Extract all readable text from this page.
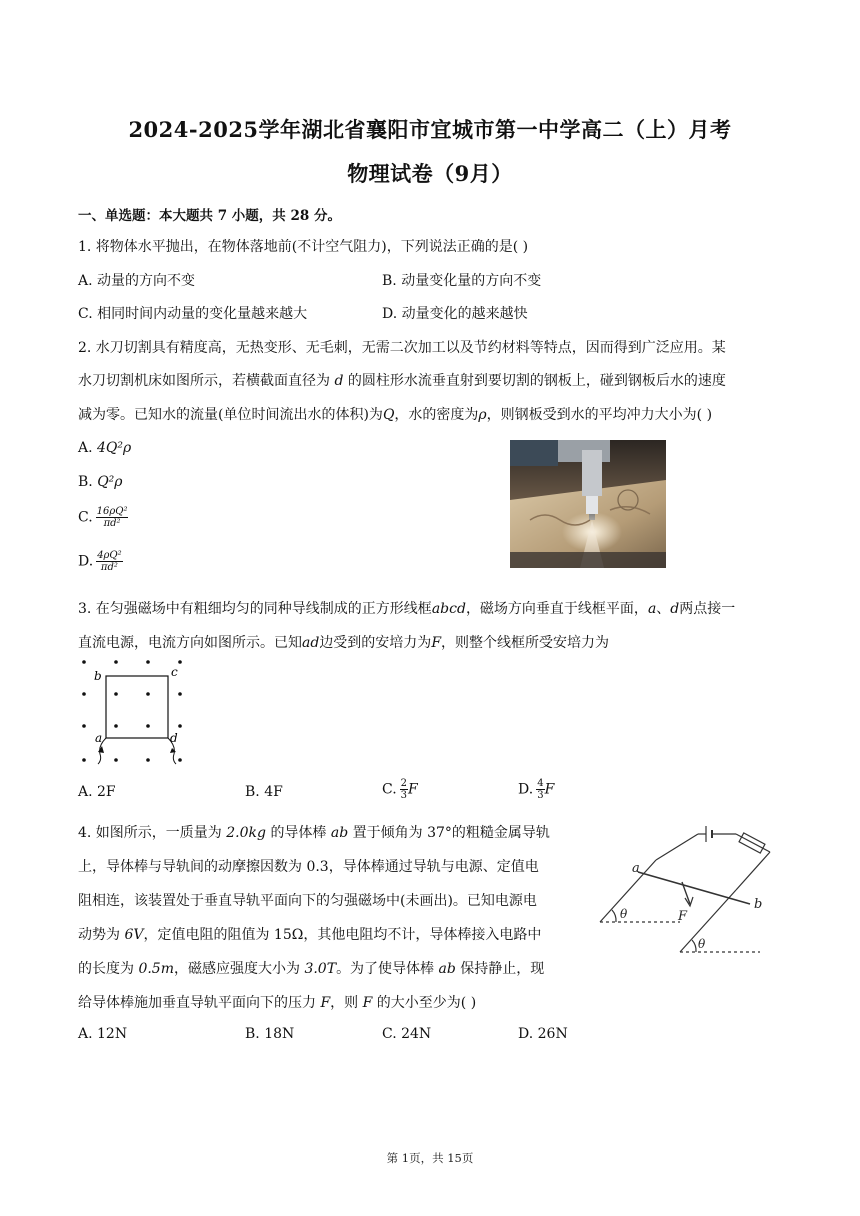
2024-2025学年湖北省襄阳市宜城市第一中学高二（上）月考
物理试卷（9月）
一、单选题：本大题共 7 小题，共 28 分。
1. 将物体水平抛出，在物体落地前(不计空气阻力)，下列说法正确的是( )
A. 动量的方向不变	B. 动量变化量的方向不变
C. 相同时间内动量的变化量越来越大	D. 动量变化的越来越快
2. 水刀切割具有精度高，无热变形、无毛刺，无需二次加工以及节约材料等特点，因而得到广泛应用。某
水刀切割机床如图所示，若横截面直径为 d 的圆柱形水流垂直射到要切割的钢板上，碰到钢板后水的速度
减为零。已知水的流量(单位时间流出水的体积)为Q，水的密度为ρ，则钢板受到水的平均冲力大小为( )
A. 4Q²ρ
B. Q²ρ
C. $\frac{\text{16ρQ²}}{\text{πd²}}$
D. $\frac{\text{4ρQ²}}{\text{πd²}}$
3. 在匀强磁场中有粗细均匀的同种导线制成的正方形线框abcd，磁场方向垂直于线框平面，a、d两点接一
直流电源，电流方向如图所示。已知ad边受到的安培力为F，则整个线框所受安培力为
b	c
a	d
A. 2F	B. 4F	C. $\frac{2}{3}$ F	D. $\frac{4}{3}$ F
4. 如图所示，一质量为 2.0kg 的导体棒 ab 置于倾角为 37°的粗糙金属导轨
上，导体棒与导轨间的动摩擦因数为 0.3，导体棒通过导轨与电源、定值电
阻相连，该装置处于垂直导轨平面向下的匀强磁场中(未画出)。已知电源电
动势为 6V，定值电阻的阻值为 15Ω，其他电阻均不计，导体棒接入电路中
的长度为 0.5m，磁感应强度大小为 3.0T。为了使导体棒 ab 保持静止，现
给导体棒施加垂直导轨平面向下的压力 F，则 F 的大小至少为( )
a
b
F
θ
θ
A. 12N	B. 18N	C. 24N	D. 26N
第 1页，共 15页
